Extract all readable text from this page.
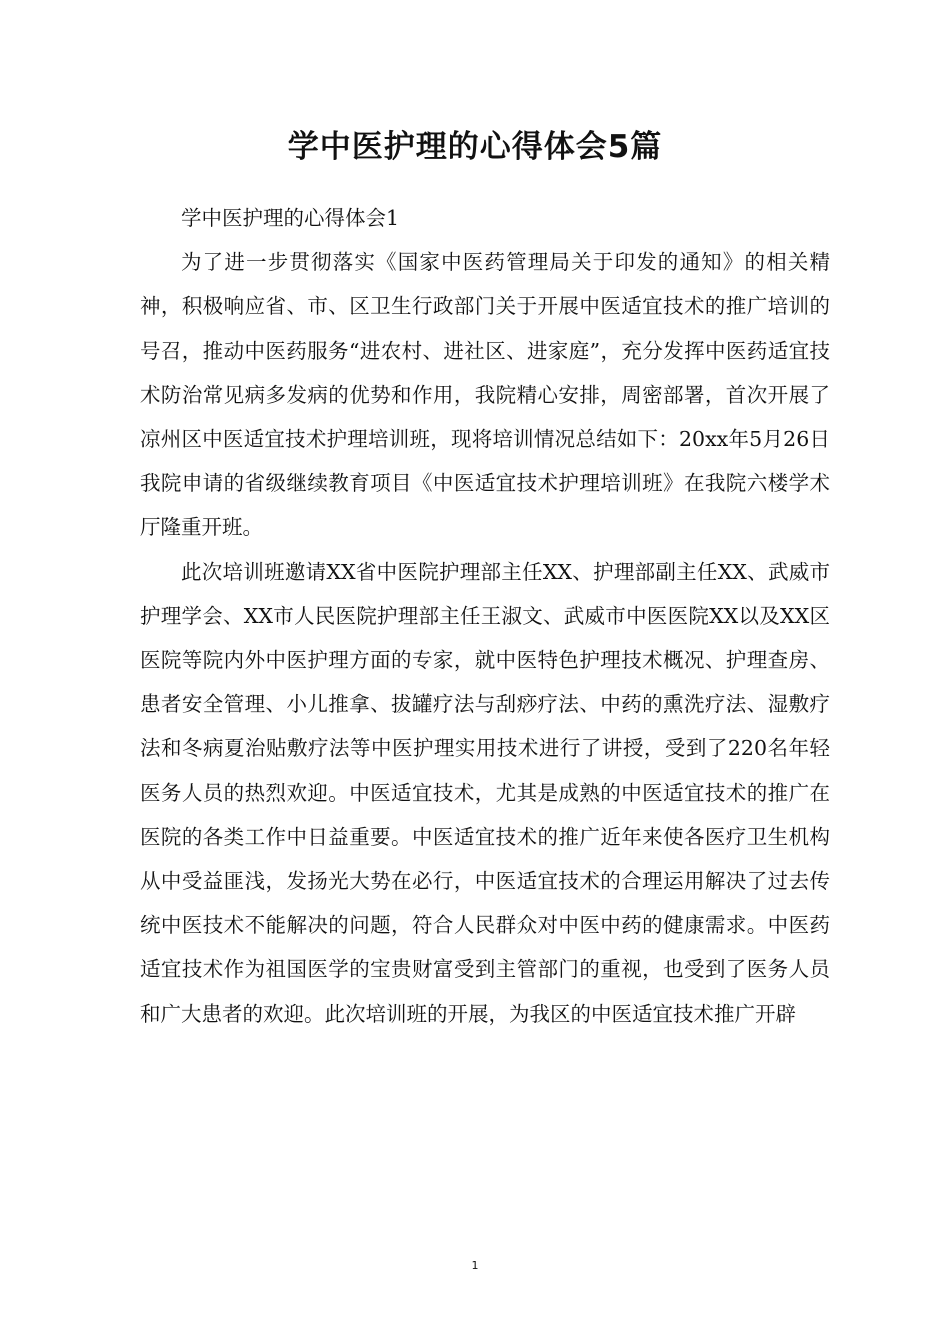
学中医护理的心得体会5篇

学中医护理的心得体会1

为了进一步贯彻落实《国家中医药管理局关于印发的通知》的相关精神，积极响应省、市、区卫生行政部门关于开展中医适宜技术的推广培训的号召，推动中医药服务“进农村、进社区、进家庭”，充分发挥中医药适宜技术防治常见病多发病的优势和作用，我院精心安排，周密部署，首次开展了凉州区中医适宜技术护理培训班，现将培训情况总结如下：20xx年5月26日我院申请的省级继续教育项目《中医适宜技术护理培训班》在我院六楼学术厅隆重开班。

此次培训班邀请XX省中医院护理部主任XX、护理部副主任XX、武威市护理学会、XX市人民医院护理部主任王淑文、武威市中医医院XX以及XX区医院等院内外中医护理方面的专家，就中医特色护理技术概况、护理查房、患者安全管理、小儿推拿、拔罐疗法与刮痧疗法、中药的熏洗疗法、湿敷疗法和冬病夏治贴敷疗法等中医护理实用技术进行了讲授，受到了220名年轻医务人员的热烈欢迎。中医适宜技术，尤其是成熟的中医适宜技术的推广在医院的各类工作中日益重要。中医适宜技术的推广近年来使各医疗卫生机构从中受益匪浅，发扬光大势在必行，中医适宜技术的合理运用解决了过去传统中医技术不能解决的问题，符合人民群众对中医中药的健康需求。中医药适宜技术作为祖国医学的宝贵财富受到主管部门的重视，也受到了医务人员和广大患者的欢迎。此次培训班的开展，为我区的中医适宜技术推广开辟

1
